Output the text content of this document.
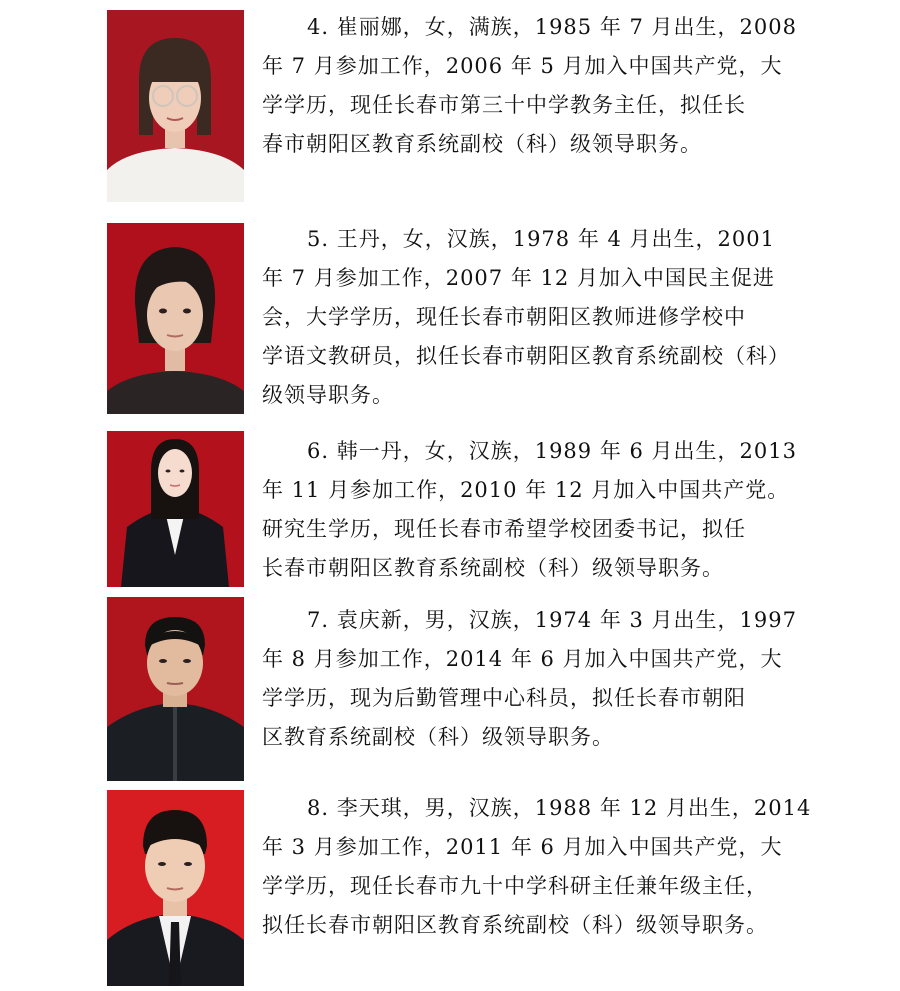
4. 崔丽娜，女，满族，1985 年 7 月出生，2008
年 7 月参加工作，2006 年 5 月加入中国共产党，大
学学历，现任长春市第三十中学教务主任，拟任长
春市朝阳区教育系统副校（科）级领导职务。
5. 王丹，女，汉族，1978 年 4 月出生，2001
年 7 月参加工作，2007 年 12 月加入中国民主促进
会，大学学历，现任长春市朝阳区教师进修学校中
学语文教研员，拟任长春市朝阳区教育系统副校（科）
级领导职务。
6. 韩一丹，女，汉族，1989 年 6 月出生，2013
年 11 月参加工作，2010 年 12 月加入中国共产党。
研究生学历，现任长春市希望学校团委书记，拟任
长春市朝阳区教育系统副校（科）级领导职务。
7. 袁庆新，男，汉族，1974 年 3 月出生，1997
年 8 月参加工作，2014 年 6 月加入中国共产党，大
学学历，现为后勤管理中心科员，拟任长春市朝阳
区教育系统副校（科）级领导职务。
8. 李天琪，男，汉族，1988 年 12 月出生，2014
年 3 月参加工作，2011 年 6 月加入中国共产党，大
学学历，现任长春市九十中学科研主任兼年级主任，
拟任长春市朝阳区教育系统副校（科）级领导职务。
